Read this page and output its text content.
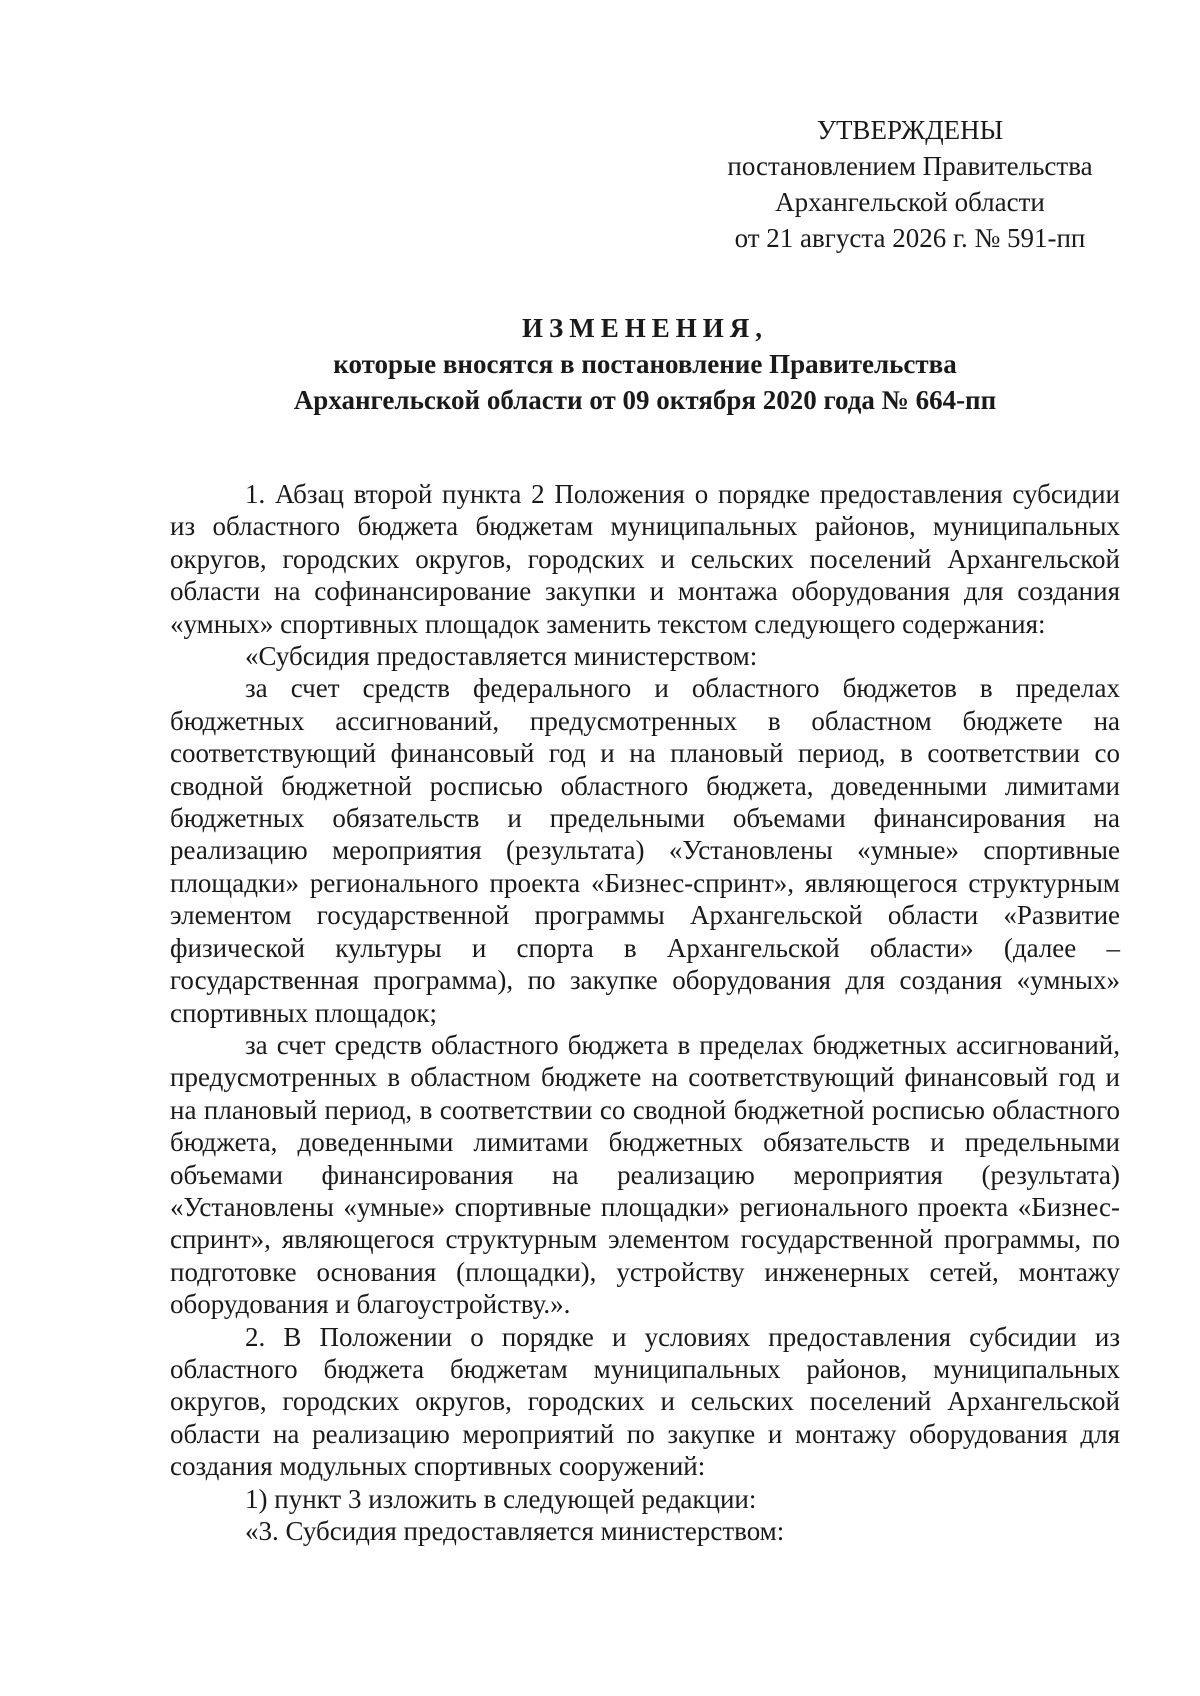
УТВЕРЖДЕНЫ
постановлением Правительства
Архангельской области
от 21 августа 2026 г. № 591-пп
ИЗМЕНЕНИЯ,
которые вносятся в постановление Правительства
Архангельской области от 09 октября 2020 года № 664-пп

1. Абзац второй пункта 2 Положения о порядке предоставления субсидии из областного бюджета бюджетам муниципальных районов, муниципальных округов, городских округов, городских и сельских поселений Архангельской области на софинансирование закупки и монтажа оборудования для создания «умных» спортивных площадок заменить текстом следующего содержания:

«Субсидия предоставляется министерством:

за счет средств федерального и областного бюджетов в пределах бюджетных ассигнований, предусмотренных в областном бюджете на соответствующий финансовый год и на плановый период, в соответствии со сводной бюджетной росписью областного бюджета, доведенными лимитами бюджетных обязательств и предельными объемами финансирования на реализацию мероприятия (результата) «Установлены «умные» спортивные площадки» регионального проекта «Бизнес-спринт», являющегося структурным элементом государственной программы Архангельской области «Развитие физической культуры и спорта в Архангельской области» (далее – государственная программа), по закупке оборудования для создания «умных» спортивных площадок;

за счет средств областного бюджета в пределах бюджетных ассигнований, предусмотренных в областном бюджете на соответствующий финансовый год и на плановый период, в соответствии со сводной бюджетной росписью областного бюджета, доведенными лимитами бюджетных обязательств и предельными объемами финансирования на реализацию мероприятия (результата) «Установлены «умные» спортивные площадки» регионального проекта «Бизнес-спринт», являющегося структурным элементом государственной программы, по подготовке основания (площадки), устройству инженерных сетей, монтажу оборудования и благоустройству.».

2. В Положении о порядке и условиях предоставления субсидии из областного бюджета бюджетам муниципальных районов, муниципальных округов, городских округов, городских и сельских поселений Архангельской области на реализацию мероприятий по закупке и монтажу оборудования для создания модульных спортивных сооружений:

1) пункт 3 изложить в следующей редакции:

«3. Субсидия предоставляется министерством:
